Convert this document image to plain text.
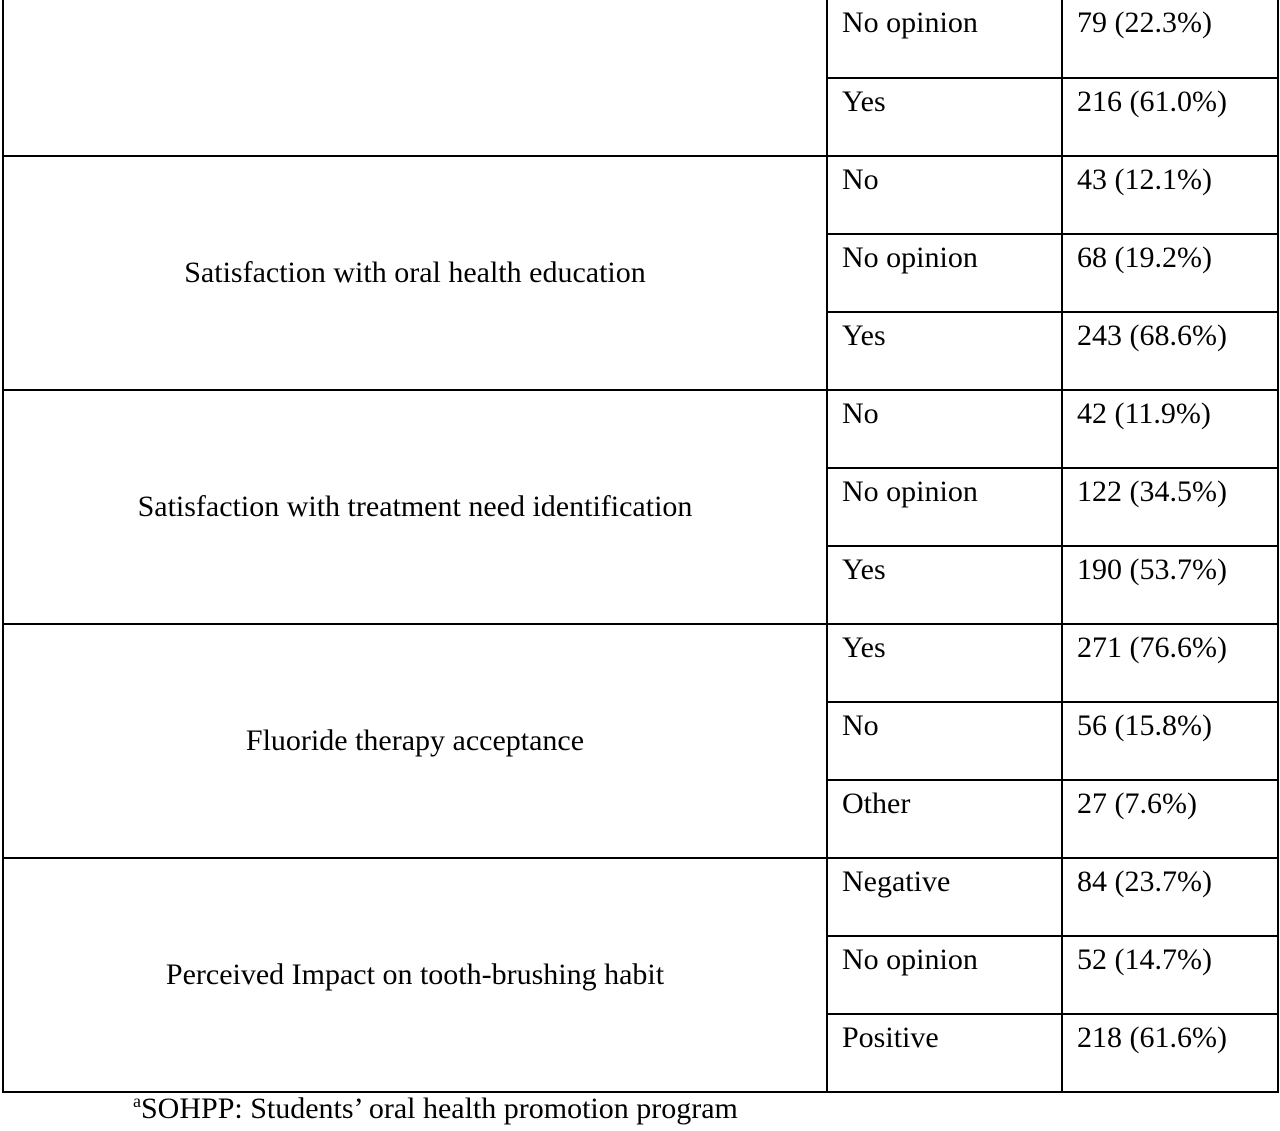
	No opinion	79 (22.3%)
	Yes	216 (61.0%)
Satisfaction with oral health education	No	43 (12.1%)
	No opinion	68 (19.2%)
	Yes	243 (68.6%)
Satisfaction with treatment need identification	No	42 (11.9%)
	No opinion	122 (34.5%)
	Yes	190 (53.7%)
Fluoride therapy acceptance	Yes	271 (76.6%)
	No	56 (15.8%)
	Other	27 (7.6%)
Perceived Impact on tooth-brushing habit	Negative	84 (23.7%)
	No opinion	52 (14.7%)
	Positive	218 (61.6%)
$^a$SOHPP: Students’ oral health promotion program
